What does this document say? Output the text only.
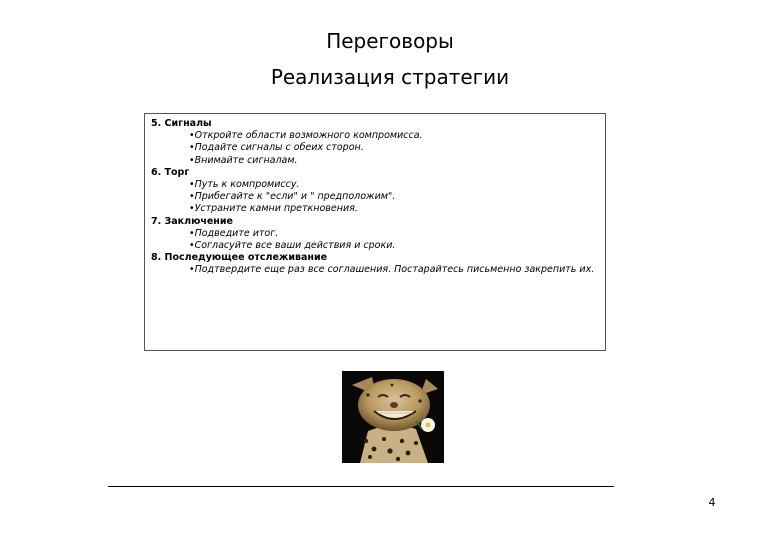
Переговоры
Реализация стратегии
5. Сигналы
•Откройте области возможного компромисса.
•Подайте сигналы с обеих сторон.
•Внимайте сигналам.
6. Торг
•Путь к компромиссу.
•Прибегайте к "если" и " предположим".
•Устраните камни преткновения.
7. Заключение
•Подведите итог.
•Согласуйте все ваши действия и сроки.
8. Последующее отслеживание
•Подтвердите еще раз все соглашения. Постарайтесь письменно закрепить их.
4
